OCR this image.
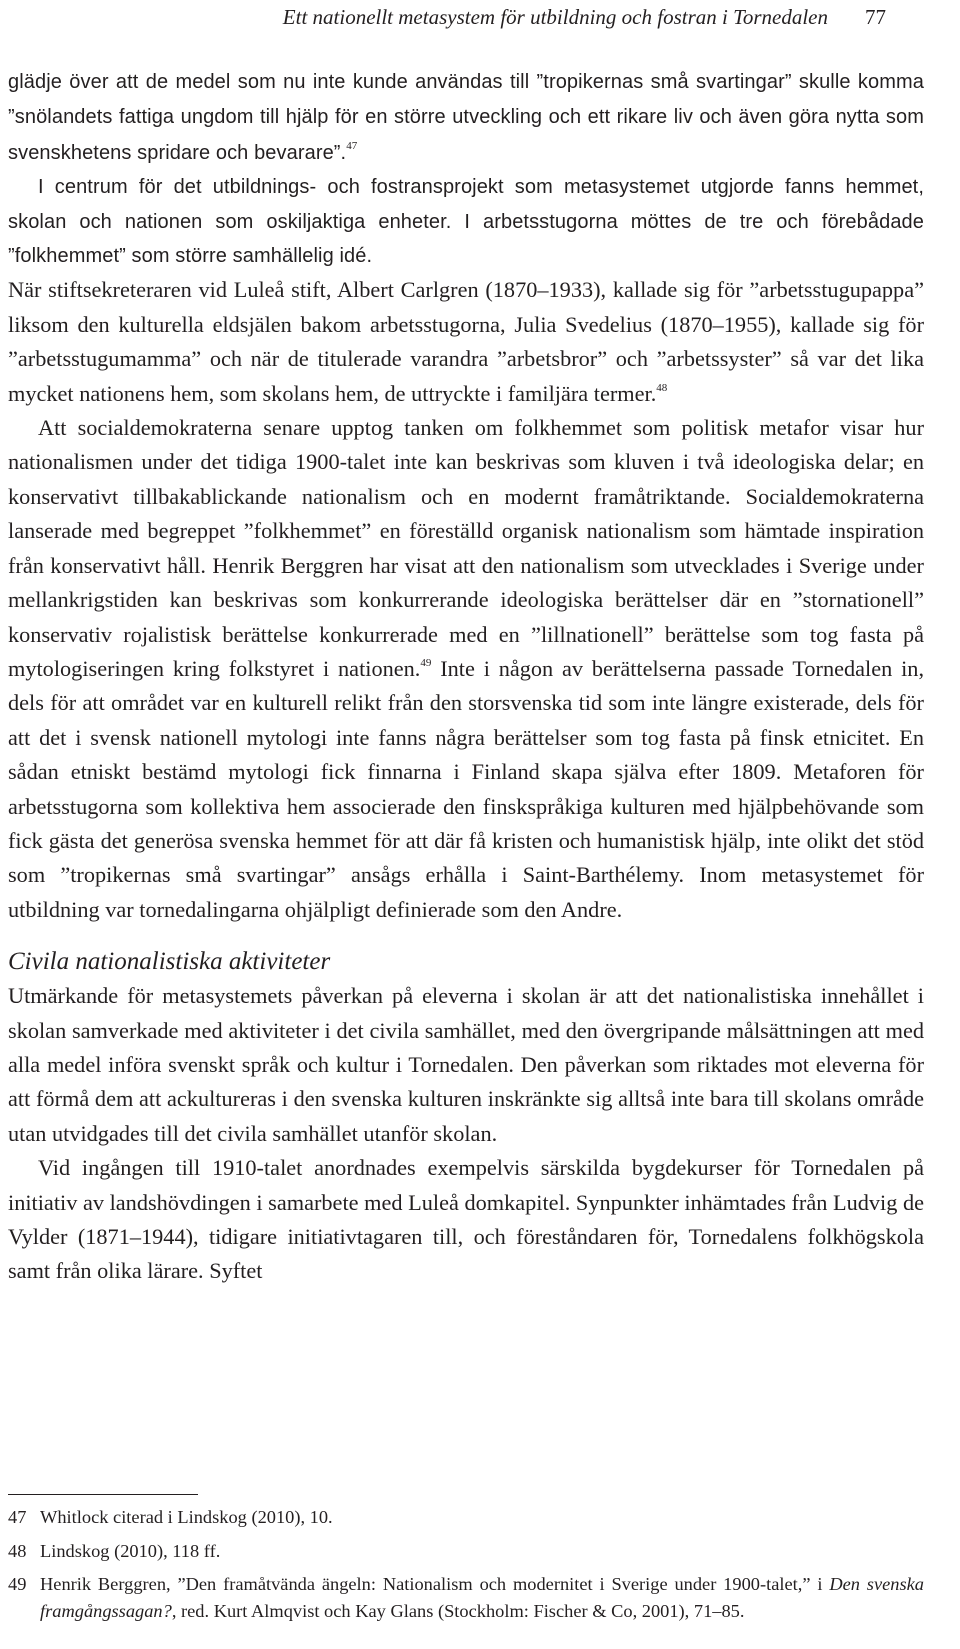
Ett nationellt metasystem för utbildning och fostran i Tornedalen 77

glädje över att de medel som nu inte kunde användas till ”tropikernas små svartingar” skulle komma ”snölandets fattiga ungdom till hjälp för en större utveckling och ett rikare liv och även göra nytta som svenskhetens spridare och bevarare”.$^{47}$
I centrum för det utbildnings- och fostransprojekt som metasystemet utgjorde fanns hemmet, skolan och nationen som oskiljaktiga enheter. I arbetsstugorna möttes de tre och förebådade ”folkhemmet” som större samhällelig idé. När stiftsekreteraren vid Luleå stift, Albert Carlgren (1870–1933), kallade sig för ”arbetsstugupappa” liksom den kulturella eldsjälen bakom arbetsstugorna, Julia Svedelius (1870–1955), kallade sig för ”arbetsstugumamma” och när de titulerade varandra ”arbetsbror” och ”arbetssyster” så var det lika mycket nationens hem, som skolans hem, de uttryckte i familjära termer.$^{48}$

Att socialdemokraterna senare upptog tanken om folkhemmet som politisk metafor visar hur nationalismen under det tidiga 1900-talet inte kan beskrivas som kluven i två ideologiska delar; en konservativt tillbakablickande nationalism och en modernt framåtriktande. Socialdemokraterna lanserade med begreppet ”folkhemmet” en föreställd organisk nationalism som hämtade inspiration från konservativt håll. Henrik Berggren har visat att den nationalism som utvecklades i Sverige under mellankrigstiden kan beskrivas som konkurrerande ideologiska berättelser där en ”stornationell” konservativ rojalistisk berättelse konkurrerade med en ”lillnationell” berättelse som tog fasta på mytologiseringen kring folkstyret i nationen.$^{49}$ Inte i någon av berättelserna passade Tornedalen in, dels för att området var en kulturell relikt från den storsvenska tid som inte längre existerade, dels för att det i svensk nationell mytologi inte fanns några berättelser som tog fasta på finsk etnicitet. En sådan etniskt bestämd mytologi fick finnarna i Finland skapa själva efter 1809. Metaforen för arbetsstugorna som kollektiva hem associerade den finskspråkiga kulturen med hjälpbehövande som fick gästa det generösa svenska hemmet för att där få kristen och humanistisk hjälp, inte olikt det stöd som ”tropikernas små svartingar” ansågs erhålla i Saint-Barthélemy. Inom metasystemet för utbildning var tornedalingarna ohjälpligt definierade som den Andre.

Civila nationalistiska aktiviteter

Utmärkande för metasystemets påverkan på eleverna i skolan är att det nationalistiska innehållet i skolan samverkade med aktiviteter i det civila samhället, med den övergripande målsättningen att med alla medel införa svenskt språk och kultur i Tornedalen. Den påverkan som riktades mot eleverna för att förmå dem att ackultureras i den svenska kulturen inskränkte sig alltså inte bara till skolans område utan utvidgades till det civila samhället utanför skolan.

Vid ingången till 1910-talet anordnades exempelvis särskilda bygdekurser för Tornedalen på initiativ av landshövdingen i samarbete med Luleå domkapitel. Synpunkter inhämtades från Ludvig de Vylder (1871–1944), tidigare initiativtagaren till, och föreståndaren för, Tornedalens folkhögskola samt från olika lärare. Syftet

47 Whitlock citerad i Lindskog (2010), 10.
48 Lindskog (2010), 118 ff.
49 Henrik Berggren, ”Den framåtvända ängeln: Nationalism och modernitet i Sverige under 1900-talet,” i Den svenska framgångssagan?, red. Kurt Almqvist och Kay Glans (Stockholm: Fischer & Co, 2001), 71–85.
